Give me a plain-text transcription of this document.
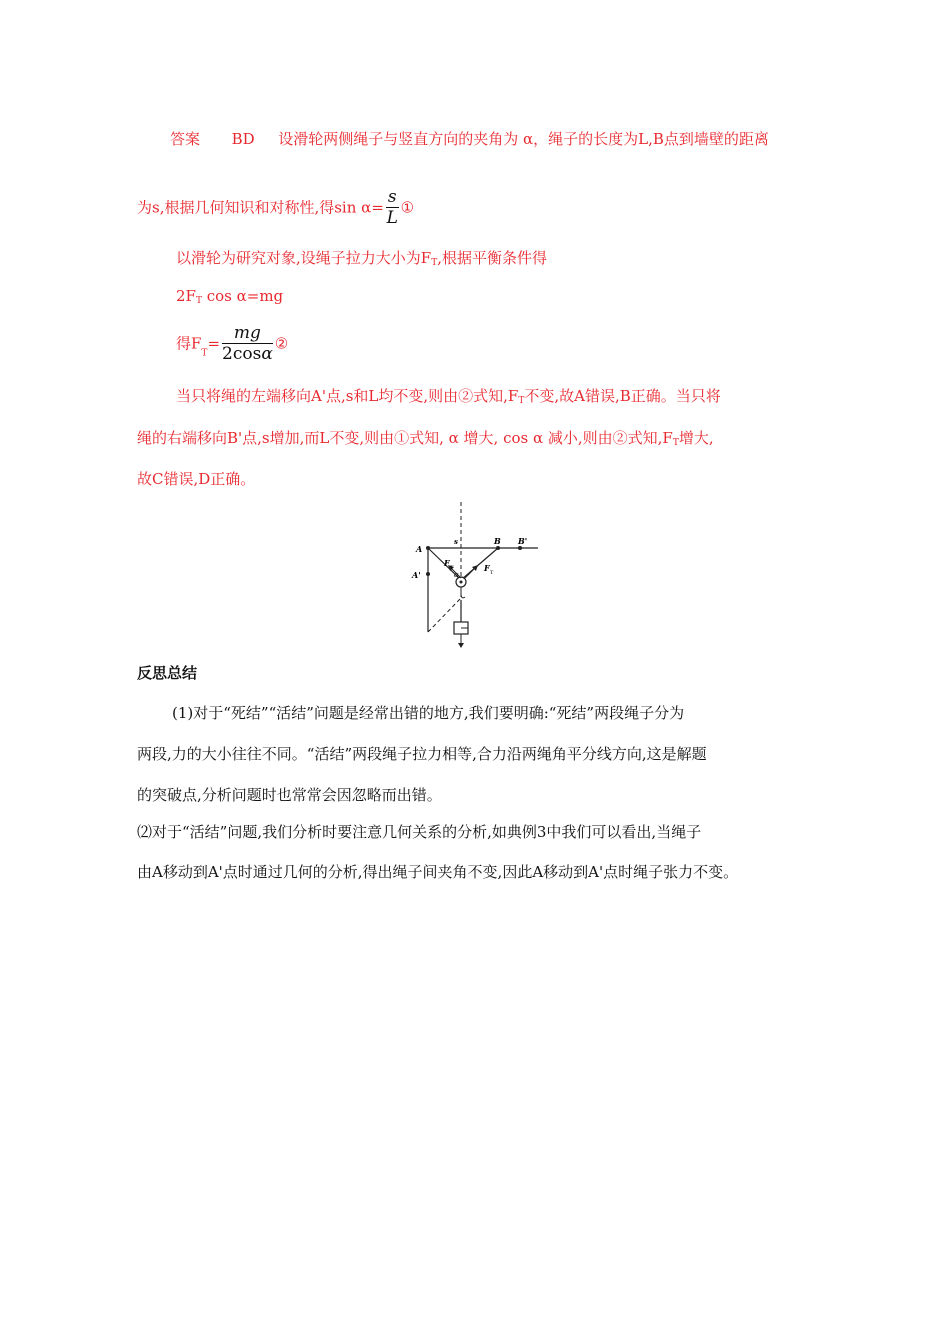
答案 BD 设滑轮两侧绳子与竖直方向的夹角为 α，绳子的长度为L,B点到墙壁的距离
为s,根据几何知识和对称性,得$\sin \alpha= \frac{s}{L}$ ①
以滑轮为研究对象,设绳子拉力大小为$F_T$,根据平衡条件得
$2F_T$ cos α=mg
得$F_T= \frac{mg}{2\cos\alpha}$ ②
当只将绳的左端移向A'点,s和L均不变,则由②式知$,F_T$不变,故A错误,B正确。当只将
绳的右端移向B'点,s增加,而L不变,则由①式知, α 增大, cos α 减小,则由②式知$,F_T$增大,
故C错误,D正确。
A
A'
s	B B'
F T
α
F T
反思总结
(1)对于“死结”“活结”问题是经常出错的地方,我们要明确:“死结”两段绳子分为
两段,力的大小往往不同。“活结”两段绳子拉力相等,合力沿两绳角平分线方向,这是解题
的突破点,分析问题时也常常会因忽略而出错。
⑵对于“活结”问题,我们分析时要注意几何关系的分析,如典例3中我们可以看出,当绳子
由A移动到A'点时通过几何的分析,得出绳子间夹角不变,因此A移动到A'点时绳子张力不变。
